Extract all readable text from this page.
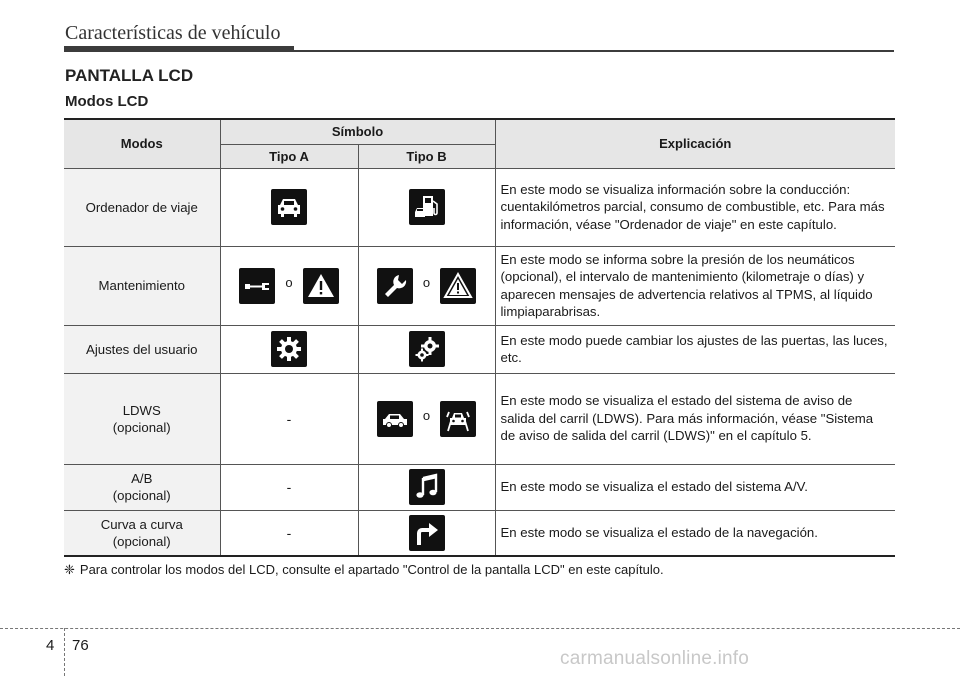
Características de vehículo
PANTALLA LCD
Modos LCD
Modos	Símbolo		Explicación
	Tipo A	Tipo B	
Ordenador de viaje			En este modo se visualiza información sobre la conducción: cuentakilómetros parcial, consumo de combustible, etc. Para más información, véase "Ordenador de viaje" en este capítulo.
Mantenimiento	o	o	En este modo se informa sobre la presión de los neumáticos (opcional), el intervalo de mantenimiento (kilometraje o días) y aparecen mensajes de advertencia relativos al TPMS, al líquido limpiaparabrisas.
Ajustes del usuario			En este modo puede cambiar los ajustes de las puertas, las luces, etc.

LDWS
(opcional)	-	o	En este modo se visualiza el estado del sistema de aviso de salida del carril (LDWS). Para más información, véase "Sistema de aviso de salida del carril (LDWS)" en el capítulo 5.

A/B
(opcional)	-		En este modo se visualiza el estado del sistema A/V.

Curva a curva
(opcional)	-		En este modo se visualiza el estado de la navegación.
❈ Para controlar los modos del LCD, consulte el apartado "Control de la pantalla LCD" en este capítulo.
4 76
carmanualsonline.info
